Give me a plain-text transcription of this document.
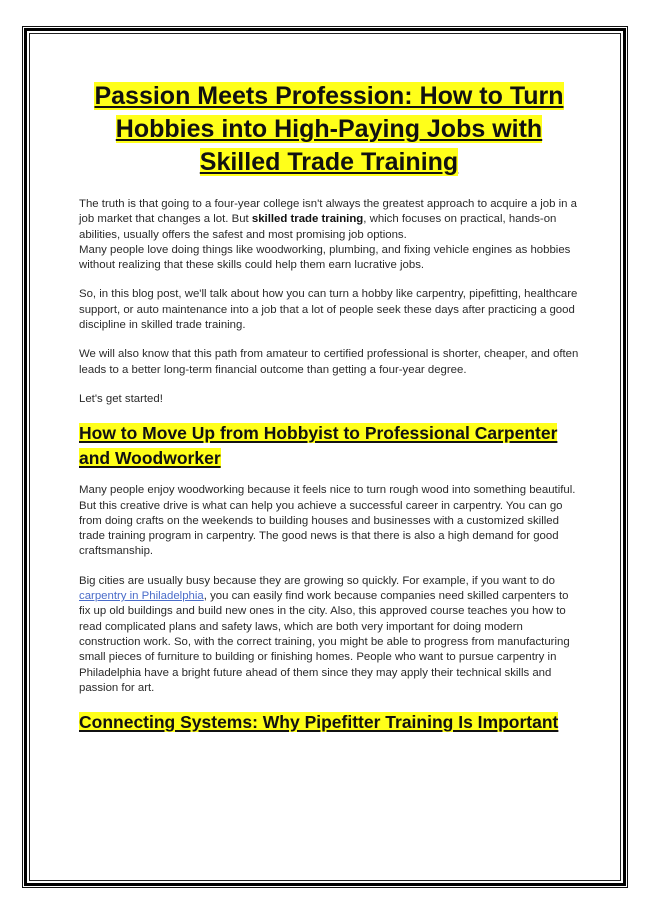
Passion Meets Profession: How to Turn Hobbies into High-Paying Jobs with Skilled Trade Training

The truth is that going to a four-year college isn't always the greatest approach to acquire a job in a job market that changes a lot. But skilled trade training, which focuses on practical, hands-on abilities, usually offers the safest and most promising job options.

Many people love doing things like woodworking, plumbing, and fixing vehicle engines as hobbies without realizing that these skills could help them earn lucrative jobs.

So, in this blog post, we'll talk about how you can turn a hobby like carpentry, pipefitting, healthcare support, or auto maintenance into a job that a lot of people seek these days after practicing a good discipline in skilled trade training.

We will also know that this path from amateur to certified professional is shorter, cheaper, and often leads to a better long-term financial outcome than getting a four-year degree.

Let's get started!

How to Move Up from Hobbyist to Professional Carpenter and Woodworker

Many people enjoy woodworking because it feels nice to turn rough wood into something beautiful. But this creative drive is what can help you achieve a successful career in carpentry. You can go from doing crafts on the weekends to building houses and businesses with a customized skilled trade training program in carpentry. The good news is that there is also a high demand for good craftsmanship.

Big cities are usually busy because they are growing so quickly. For example, if you want to do carpentry in Philadelphia, you can easily find work because companies need skilled carpenters to fix up old buildings and build new ones in the city. Also, this approved course teaches you how to read complicated plans and safety laws, which are both very important for doing modern construction work. So, with the correct training, you might be able to progress from manufacturing small pieces of furniture to building or finishing homes. People who want to pursue carpentry in Philadelphia have a bright future ahead of them since they may apply their technical skills and passion for art.

Connecting Systems: Why Pipefitter Training Is Important
